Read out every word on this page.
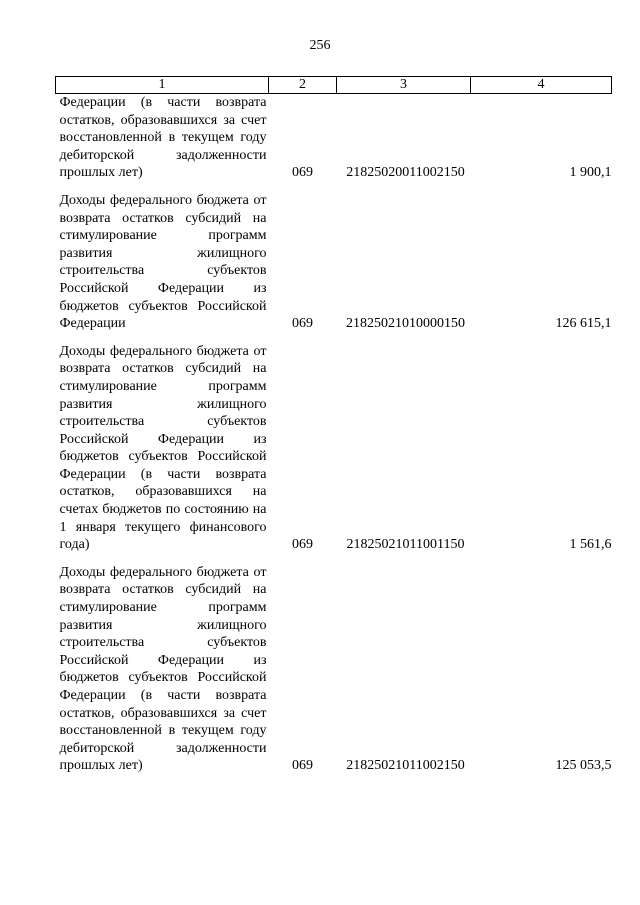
256
1	2	3	4
Федерации (в части возврата остатков, образовавшихся за счет восстановленной в текущем году дебиторской задолженности прошлых лет)	069	21825020011002150	1 900,1

Доходы федерального бюджета от возврата остатков субсидий на стимулирование программ развития жилищного строительства субъектов Российской Федерации из бюджетов субъектов Российской Федерации	069	21825021010000150	126 615,1

Доходы федерального бюджета от возврата остатков субсидий на стимулирование программ развития жилищного строительства субъектов Российской Федерации из бюджетов субъектов Российской Федерации (в части возврата остатков, образовавшихся на счетах бюджетов по состоянию на 1 января текущего финансового года)	069	21825021011001150	1 561,6

Доходы федерального бюджета от возврата остатков субсидий на стимулирование программ развития жилищного строительства субъектов Российской Федерации из бюджетов субъектов Российской Федерации (в части возврата остатков, образовавшихся за счет восстановленной в текущем году дебиторской задолженности прошлых лет)	069	21825021011002150	125 053,5
